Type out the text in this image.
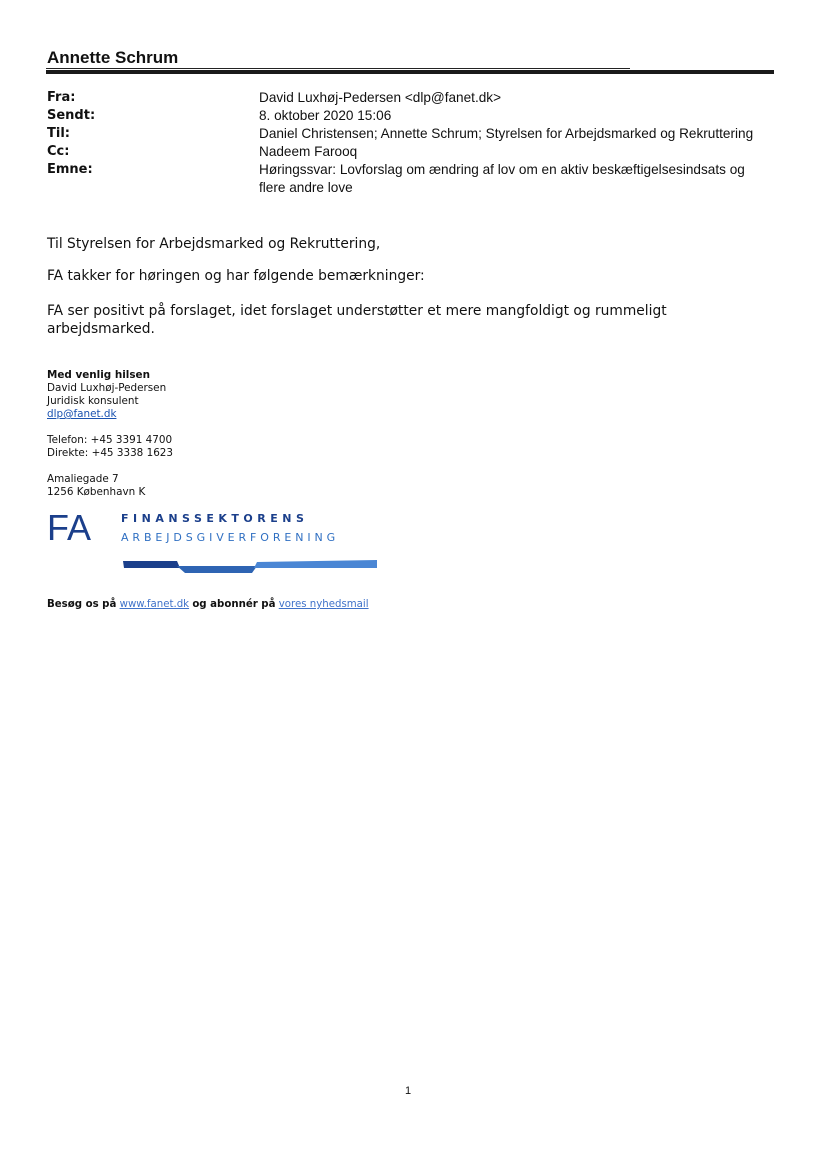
Annette Schrum
Fra:	David Luxhøj-Pedersen <dlp@fanet.dk>
Sendt:	8. oktober 2020 15:06
Til:	Daniel Christensen; Annette Schrum; Styrelsen for Arbejdsmarked og Rekruttering
Cc:	Nadeem Farooq
Emne:	Høringssvar: Lovforslag om ændring af lov om en aktiv beskæftigelsesindsats og flere andre love
Til Styrelsen for Arbejdsmarked og Rekruttering,
FA takker for høringen og har følgende bemærkninger:
FA ser positivt på forslaget, idet forslaget understøtter et mere mangfoldigt og rummeligt arbejdsmarked.
Med venlig hilsen
David Luxhøj-Pedersen
Juridisk konsulent
dlp@fanet.dk
Telefon: +45 3391 4700
Direkte: +45 3338 1623
Amaliegade 7
1256 København K
FA	FINANSSEKTORENS
ARBEJDSGIVERFORENING
Besøg os på www.fanet.dk og abonnér på vores nyhedsmail
1
